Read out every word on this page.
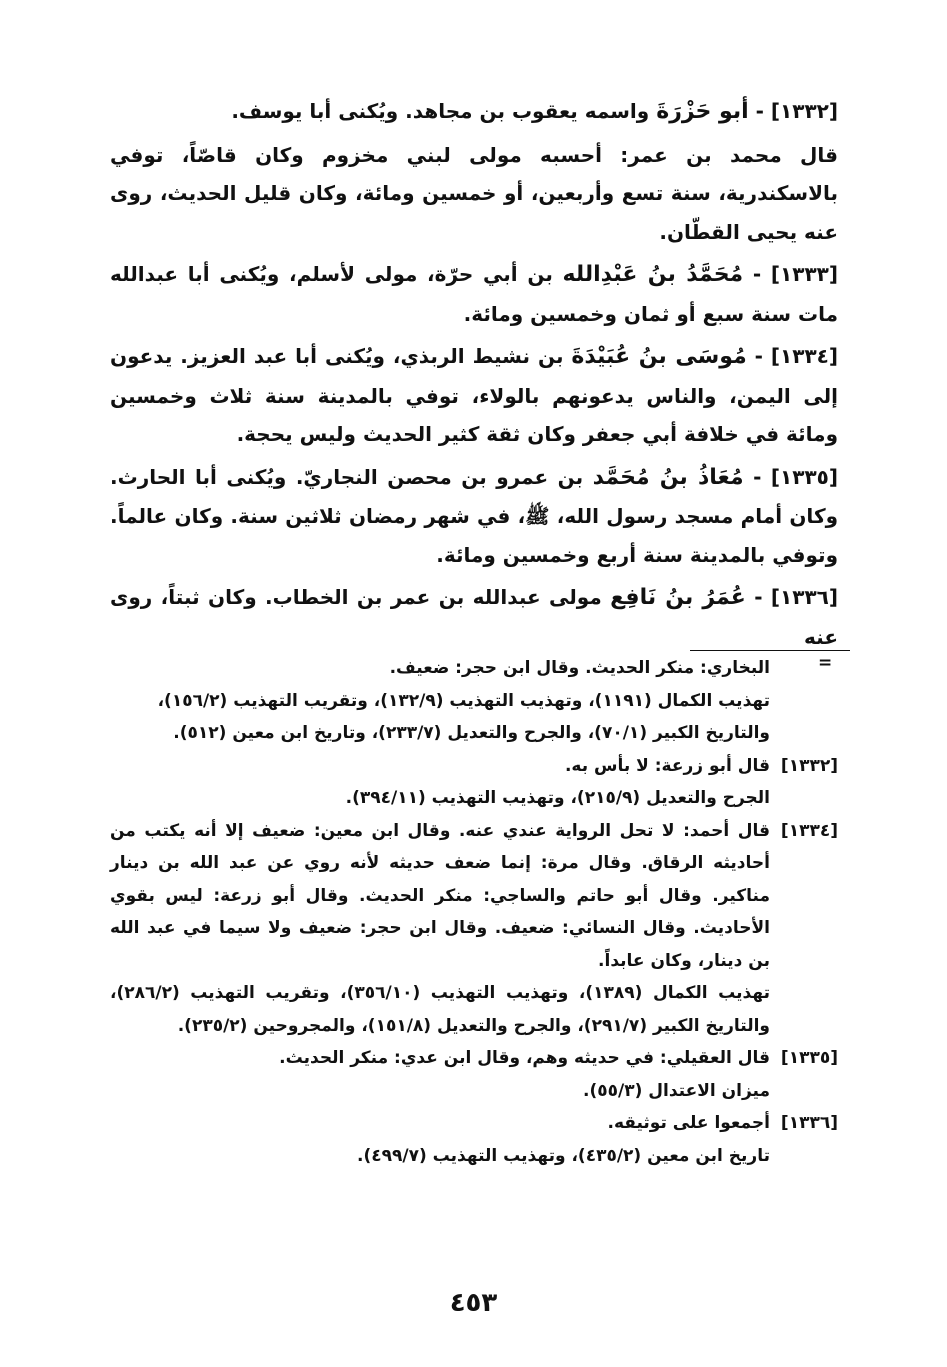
[١٣٣٢] - أبو حَزْرَةَ واسمه يعقوب بن مجاهد. ويُكنى أبا يوسف.

قال محمد بن عمر: أحسبه مولى لبني مخزوم وكان قاصّاً، توفي بالاسكندرية، سنة تسع وأربعين، أو خمسين ومائة، وكان قليل الحديث، روى عنه يحيى القطّان.

[١٣٣٣] - مُحَمَّدُ بنُ عَبْدِالله بن أبي حرّة، مولى لأسلم، ويُكنى أبا عبدالله مات سنة سبع أو ثمان وخمسين ومائة.

[١٣٣٤] - مُوسَى بنُ عُبَيْدَةَ بن نشيط الربذي، ويُكنى أبا عبد العزيز. يدعون إلى اليمن، والناس يدعونهم بالولاء، توفي بالمدينة سنة ثلاث وخمسين ومائة في خلافة أبي جعفر وكان ثقة كثير الحديث وليس يحجة.

[١٣٣٥] - مُعَاذُ بنُ مُحَمَّد بن عمرو بن محصن النجاريّ. ويُكنى أبا الحارث. وكان أمام مسجد رسول الله، ﷺ، في شهر رمضان ثلاثين سنة. وكان عالماً. وتوفي بالمدينة سنة أربع وخمسين ومائة.

[١٣٣٦] - عُمَرُ بنُ نَافِع مولى عبدالله بن عمر بن الخطاب. وكان ثبتاً، روى عنه

=
البخاري: منكر الحديث. وقال ابن حجر: ضعيف.
تهذيب الكمال (١١٩١)، وتهذيب التهذيب (١٣٢/٩)، وتقريب التهذيب (١٥٦/٢)، والتاريخ الكبير (٧٠/١)، والجرح والتعديل (٢٣٣/٧)، وتاريخ ابن معين (٥١٢).
[١٣٣٢]
قال أبو زرعة: لا بأس به.
الجرح والتعديل (٢١٥/٩)، وتهذيب التهذيب (٣٩٤/١١).
[١٣٣٤]
قال أحمد: لا تحل الرواية عندي عنه. وقال ابن معين: ضعيف إلا أنه يكتب من أحاديثه الرقاق. وقال مرة: إنما ضعف حديثه لأنه روي عن عبد الله بن دينار مناكير. وقال أبو حاتم والساجي: منكر الحديث. وقال أبو زرعة: ليس بقوي الأحاديث. وقال النسائي: ضعيف. وقال ابن حجر: ضعيف ولا سيما في عبد الله بن دينار، وكان عابداً.
تهذيب الكمال (١٣٨٩)، وتهذيب التهذيب (٣٥٦/١٠)، وتقريب التهذيب (٢٨٦/٢)، والتاريخ الكبير (٢٩١/٧)، والجرح والتعديل (١٥١/٨)، والمجروحين (٢٣٥/٢).
[١٣٣٥]
قال العقيلي: في حديثه وهم، وقال ابن عدي: منكر الحديث.
ميزان الاعتدال (٥٥/٣).
[١٣٣٦]
أجمعوا على توثيقه.
تاريخ ابن معين (٤٣٥/٢)، وتهذيب التهذيب (٤٩٩/٧).
٤٥٣
